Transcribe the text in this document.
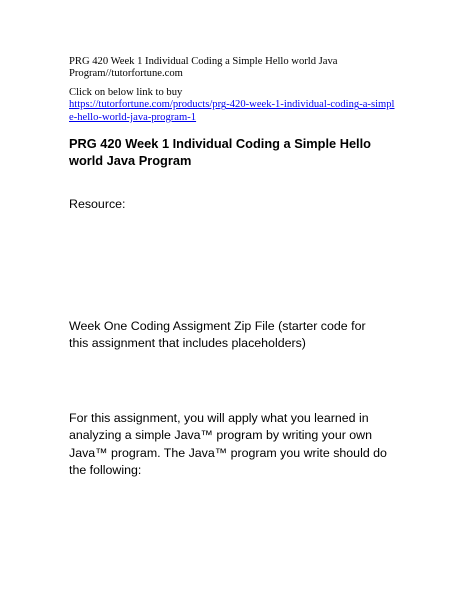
PRG 420 Week 1 Individual Coding a Simple Hello world Java Program//tutorfortune.com

Click on below link to buy
https://tutorfortune.com/products/prg-420-week-1-individual-coding-a-simple-hello-world-java-program-1
PRG 420 Week 1 Individual Coding a Simple Hello world Java Program

Resource:

Week One Coding Assigment Zip File (starter code for this assignment that includes placeholders)

For this assignment, you will apply what you learned in analyzing a simple Java™ program by writing your own Java™ program. The Java™ program you write should do the following:
